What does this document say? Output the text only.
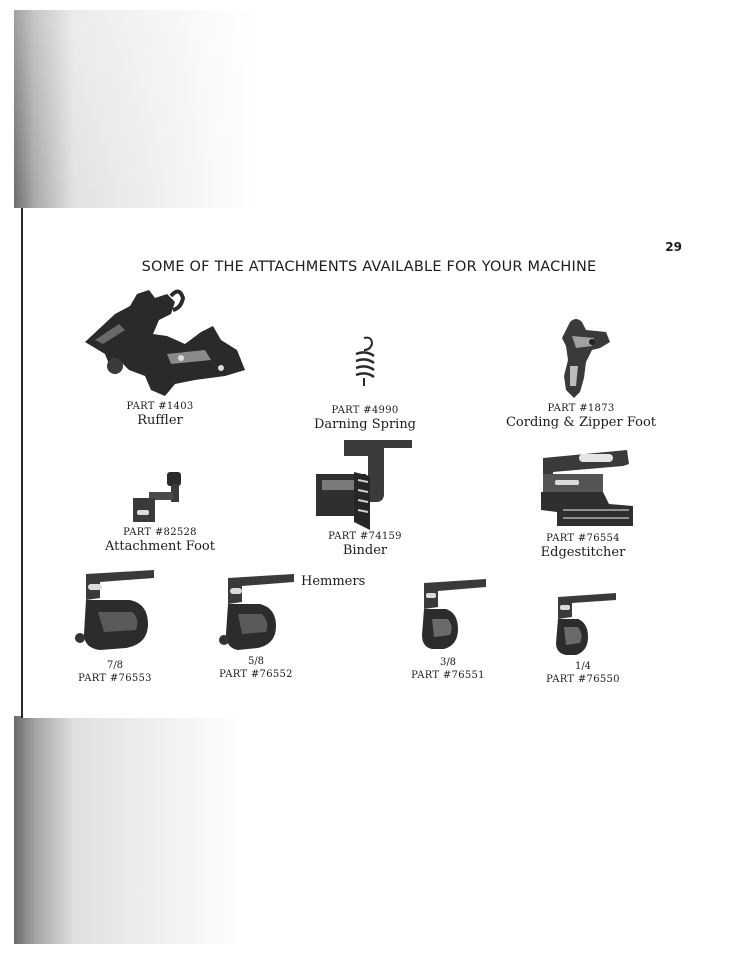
29
SOME OF THE ATTACHMENTS AVAILABLE FOR YOUR MACHINE
PART #1403
Ruffler
PART #4990
Darning Spring
PART #1873
Cording & Zipper Foot
PART #82528
Attachment Foot
PART #74159
Binder
PART #76554
Edgestitcher
Hemmers
7/8
PART #76553
5/8
PART #76552
3/8
PART #76551
1/4
PART #76550
